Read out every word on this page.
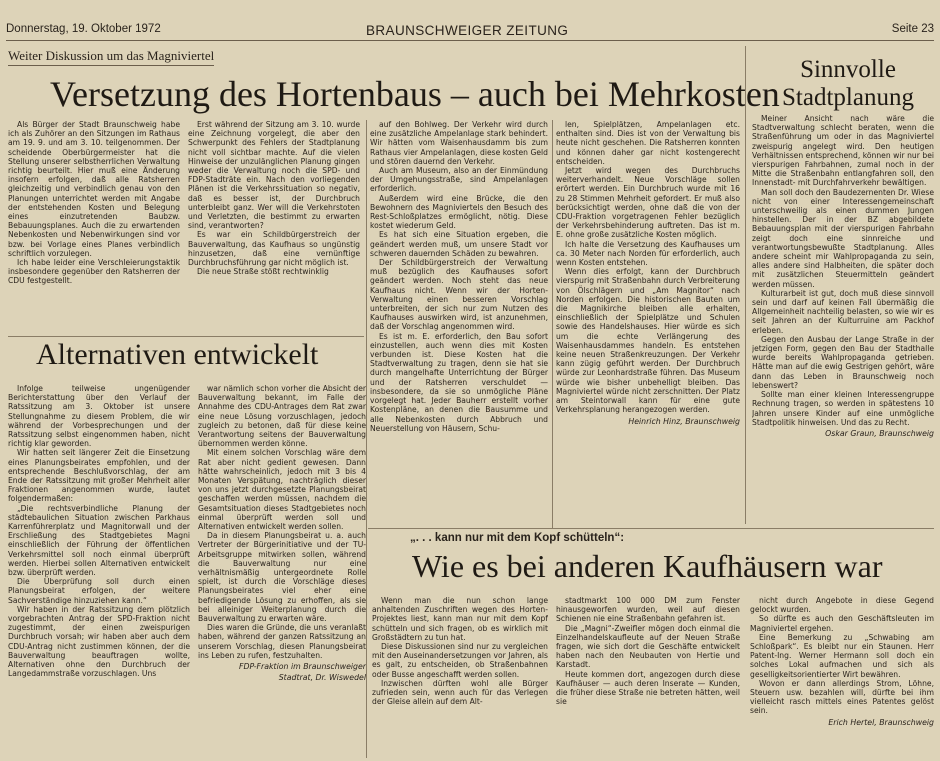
Donnerstag, 19. Oktober 1972	BRAUNSCHWEIGER ZEITUNG	Seite 23
Weiter Diskussion um das Magniviertel
Versetzung des Hortenbaus – auch bei Mehrkosten
Sinnvolle Stadtplanung

Als Bürger der Stadt Braunschweig habe ich als Zuhörer an den Sitzungen im Rathaus am 19. 9. und am 3. 10. teilgenommen. Der scheidende Oberbürgermeister hat die Stellung unserer selbstherrlichen Verwaltung richtig beurteilt. Hier muß eine Änderung insofern erfolgen, daß alle Ratsherren gleichzeitig und verbindlich genau von den Planungen unterrichtet werden mit Angabe der entstehenden Kosten und Belegung eines einzutretenden Baubzw. Bebauungsplanes. Auch die zu erwartenden Nebenkosten und Nebenwirkungen sind vor bzw. bei Vorlage eines Planes verbindlich schriftlich vorzulegen.

Ich habe leider eine Verschleierungstaktik insbesondere gegenüber den Ratsherren der CDU festgestellt.

Erst während der Sitzung am 3. 10. wurde eine Zeichnung vorgelegt, die aber den Schwerpunkt des Fehlers der Stadtplanung nicht voll sichtbar machte. Auf die vielen Hinweise der unzulänglichen Planung gingen weder die Verwaltung noch die SPD- und FDP-Stadträte ein. Nach den vorliegenden Plänen ist die Verkehrssituation so negativ, daß es besser ist, der Durchbruch unterbleibt ganz. Wer will die Verkehrstoten und Verletzten, die bestimmt zu erwarten sind, verantworten?

Es war ein Schildbürgerstreich der Bauverwaltung, das Kaufhaus so ungünstig hinzusetzen, daß eine vernünftige Durchbruchsführung gar nicht möglich ist.

Die neue Straße stößt rechtwinklig

auf den Bohlweg. Der Verkehr wird durch eine zusätzliche Ampelanlage stark behindert. Wir hätten vom Waisenhausdamm bis zum Rathaus vier Ampelanlagen, diese kosten Geld und stören dauernd den Verkehr.

Auch am Museum, also an der Einmündung der Umgehungsstraße, sind Ampelanlagen erforderlich.

Außerdem wird eine Brücke, die den Bewohnern des Magniviertels den Besuch des Rest-Schloßplatzes ermöglicht, nötig. Diese kostet wiederum Geld.

Es hat sich eine Situation ergeben, die geändert werden muß, um unsere Stadt vor schweren dauernden Schäden zu bewahren.

Der Schildbürgerstreich der Verwaltung muß bezüglich des Kaufhauses sofort geändert werden. Noch steht das neue Kaufhaus nicht. Wenn wir der Horten-Verwaltung einen besseren Vorschlag unterbreiten, der sich nur zum Nutzen des Kaufhauses auswirken wird, ist anzunehmen, daß der Vorschlag angenommen wird.

Es ist m. E. erforderlich, den Bau sofort einzustellen, auch wenn dies mit Kosten verbunden ist. Diese Kosten hat die Stadtverwaltung zu tragen, denn sie hat sie durch mangelhafte Unterrichtung der Bürger und der Ratsherren verschuldet — insbesondere, da sie so unmögliche Pläne vorgelegt hat. Jeder Bauherr erstellt vorher Kostenpläne, an denen die Bausumme und alle Nebenkosten durch Abbruch und Neuerstellung von Häusern, Schu-

len, Spielplätzen, Ampelanlagen etc. enthalten sind. Dies ist von der Verwaltung bis heute nicht geschehen. Die Ratsherren konnten und können daher gar nicht kostengerecht entscheiden.

Jetzt wird wegen des Durchbruchs weiterverhandelt. Neue Vorschläge sollen erörtert werden. Ein Durchbruch wurde mit 16 zu 28 Stimmen Mehrheit gefordert. Er muß also berücksichtigt werden, ohne daß die von der CDU-Fraktion vorgetragenen Fehler bezüglich der Verkehrsbehinderung auftreten. Das ist m. E. ohne große zusätzliche Kosten möglich.

Ich halte die Versetzung des Kaufhauses um ca. 30 Meter nach Norden für erforderlich, auch wenn Kosten entstehen.

Wenn dies erfolgt, kann der Durchbruch vierspurig mit Straßenbahn durch Verbreiterung von Ölschlägern und „Am Magnitor“ nach Norden erfolgen. Die historischen Bauten um die Magnikirche bleiben alle erhalten, einschließlich der Spielplätze und Schulen sowie des Handelshauses. Hier würde es sich um die echte Verlängerung des Waisenhausdammes handeln. Es entstehen keine neuen Straßenkreuzungen. Der Verkehr kann zügig geführt werden. Der Durchbruch würde zur Leonhardstraße führen. Das Museum würde wie bisher unbehelligt bleiben. Das Magniviertel würde nicht zerschnitten. Der Platz am Steintorwall kann für eine gute Verkehrsplanung herangezogen werden.

Heinrich Hinz, Braunschweig

Meiner Ansicht nach wäre die Stadtverwaltung schlecht beraten, wenn die Straßenführung um oder in das Magniviertel zweispurig angelegt wird. Den heutigen Verhältnissen entsprechend, können wir nur bei vierspurigen Fahrbahnen, zumal noch in der Mitte die Straßenbahn entlangfahren soll, den Innenstadt- mit Durchfahrverkehr bewältigen.

Man soll doch den Baudezernenten Dr. Wiese nicht von einer Interessengemeinschaft unterschweilig als einen dummen Jungen hinstellen. Der in der BZ abgebildete Bebauungsplan mit der vierspurigen Fahrbahn zeigt doch eine sinnreiche und verantwortungsbewußte Stadtplanung. Alles andere scheint mir Wahlpropaganda zu sein, alles andere sind Halbheiten, die später doch mit zusätzlichen Steuermitteln geändert werden müssen.

Kulturarbeit ist gut, doch muß diese sinnvoll sein und darf auf keinen Fall übermäßig die Allgemeinheit nachteilig belasten, so wie wir es seit Jahren an der Kulturruine am Packhof erleben.

Gegen den Ausbau der Lange Straße in der jetzigen Form, gegen den Bau der Stadthalle wurde bereits Wahlpropaganda getrieben. Hätte man auf die ewig Gestrigen gehört, wäre dann das Leben in Braunschweig noch lebenswert?

Sollte man einer kleinen Interessengruppe Rechnung tragen, so werden in spätestens 10 Jahren unsere Kinder auf eine unmögliche Stadtpolitik hinweisen. Und das zu Recht.

Oskar Graun, Braunschweig
Alternativen entwickelt

Infolge teilweise ungenügender Berichterstattung über den Verlauf der Ratssitzung am 3. Oktober ist unsere Stellungnahme zu diesem Problem, die wir während der Vorbesprechungen und der Ratssitzung selbst eingenommen haben, nicht richtig klar geworden.

Wir hatten seit längerer Zeit die Einsetzung eines Planungsbeirates empfohlen, und der entsprechende Beschlußvorschlag, der am Ende der Ratssitzung mit großer Mehrheit aller Fraktionen angenommen wurde, lautet folgendermaßen:

„Die rechtsverbindliche Planung der städtebaulichen Situation zwischen Parkhaus Karrenführerplatz und Magnitorwall und der Erschließung des Stadtgebietes Magni einschließlich der Führung der öffentlichen Verkehrsmittel soll noch einmal überprüft werden. Hierbei sollen Alternativen entwickelt bzw. überprüft werden.

Die Überprüfung soll durch einen Planungsbeirat erfolgen, der weitere Sachverständige hinzuziehen kann.“

Wir haben in der Ratssitzung dem plötzlich vorgebrachten Antrag der SPD-Fraktion nicht zugestimmt, der einen zweispurigen Durchbruch vorsah; wir haben aber auch dem CDU-Antrag nicht zustimmen können, der die Bauverwaltung beauftragen wollte, Alternativen ohne den Durchbruch der Langedammstraße vorzuschlagen. Uns

war nämlich schon vorher die Absicht der Bauverwaltung bekannt, im Falle der Annahme des CDU-Antrages dem Rat zwar eine neue Lösung vorzuschlagen, jedoch zugleich zu betonen, daß für diese keine Verantwortung seitens der Bauverwaltung übernommen werden könne.

Mit einem solchen Vorschlag wäre dem Rat aber nicht gedient gewesen. Dann hätte wahrscheinlich, jedoch mit 3 bis 4 Monaten Verspätung, nachträglich dieser von uns jetzt durchgesetzte Planungsbeirat geschaffen werden müssen, nachdem die Gesamtsituation dieses Stadtgebietes noch einmal überprüft werden soll und Alternativen entwickelt werden sollen.

Da in diesem Planungsbeirat u. a. auch Vertreter der Bürgerinitiative und der TU-Arbeitsgruppe mitwirken sollen, während die Bauverwaltung nur eine verhältnismäßig untergeordnete Rolle spielt, ist durch die Vorschläge dieses Planungsbeirates viel eher eine befriedigende Lösung zu erhoffen, als sie bei alleiniger Weiterplanung durch die Bauverwaltung zu erwarten wäre.

Dies waren die Gründe, die uns veranlaßt haben, während der ganzen Ratssitzung an unserem Vorschlag, diesen Planungsbeirat ins Leben zu rufen, festzuhalten.

FDP-Fraktion im Braunschweiger
Stadtrat, Dr. Wiswedel
„. . . kann nur mit dem Kopf schütteln“:
Wie es bei anderen Kaufhäusern war

Wenn man die nun schon lange anhaltenden Zuschriften wegen des Horten-Projektes liest, kann man nur mit dem Kopf schütteln und sich fragen, ob es wirklich mit Großstädtern zu tun hat.

Diese Diskussionen sind nur zu vergleichen mit den Auseinandersetzungen vor Jahren, als es galt, zu entscheiden, ob Straßenbahnen oder Busse angeschafft werden sollen.

Inzwischen dürften wohl alle Bürger zufrieden sein, wenn auch für das Verlegen der Gleise allein auf dem Alt-

stadtmarkt 100 000 DM zum Fenster hinausgeworfen wurden, weil auf diesen Schienen nie eine Straßenbahn gefahren ist.

Die „Magni“-Zweifler mögen doch einmal die Einzelhandelskaufleute auf der Neuen Straße fragen, wie sich dort die Geschäfte entwickelt haben nach den Neubauten von Hertie und Karstadt.

Heute kommen dort, angezogen durch diese Kaufhäuser — auch deren Inserate — Kunden, die früher diese Straße nie betreten hätten, weil sie

nicht durch Angebote in diese Gegend gelockt wurden.

So dürfte es auch den Geschäftsleuten im Magniviertel ergehen.

Eine Bemerkung zu „Schwabing am Schloßpark“. Es bleibt nur ein Staunen. Herr Patent-Ing. Werner Hermann soll doch ein solches Lokal aufmachen und sich als geselligkeitsorientierter Wirt bewähren.

Wovon er dann allerdings Strom, Löhne, Steuern usw. bezahlen will, dürfte bei ihm vielleicht rasch mittels eines Patentes gelöst sein.

Erich Hertel, Braunschweig
